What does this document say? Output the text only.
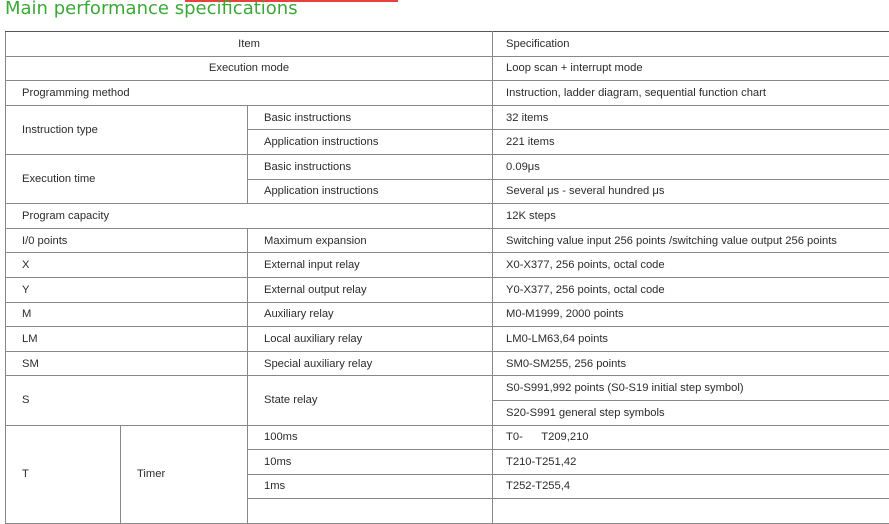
Main performance specifications
Item			Specification
Execution mode			Loop scan + interrupt mode
Programming method			Instruction, ladder diagram, sequential function chart
Instruction type		Basic instructions	32 items
		Application instructions	221 items
Execution time		Basic instructions	0.09μs
		Application instructions	Several μs - several hundred μs
Program capacity			12K steps
I/0 points		Maximum expansion	Switching value input 256 points /switching value output 256 points
X		External input relay	X0-X377, 256 points, octal code
Y		External output relay	Y0-X377, 256 points, octal code
M		Auxiliary relay	M0-M1999, 2000 points
LM		Local auxiliary relay	LM0-LM63,64 points
SM		Special auxiliary relay	SM0-SM255, 256 points
S		State relay	S0-S991,992 points (S0-S19 initial step symbol)
			S20-S991 general step symbols
T	Timer	100ms	T0-      T209,210
		10ms	T210-T251,42
		1ms	T252-T255,4
